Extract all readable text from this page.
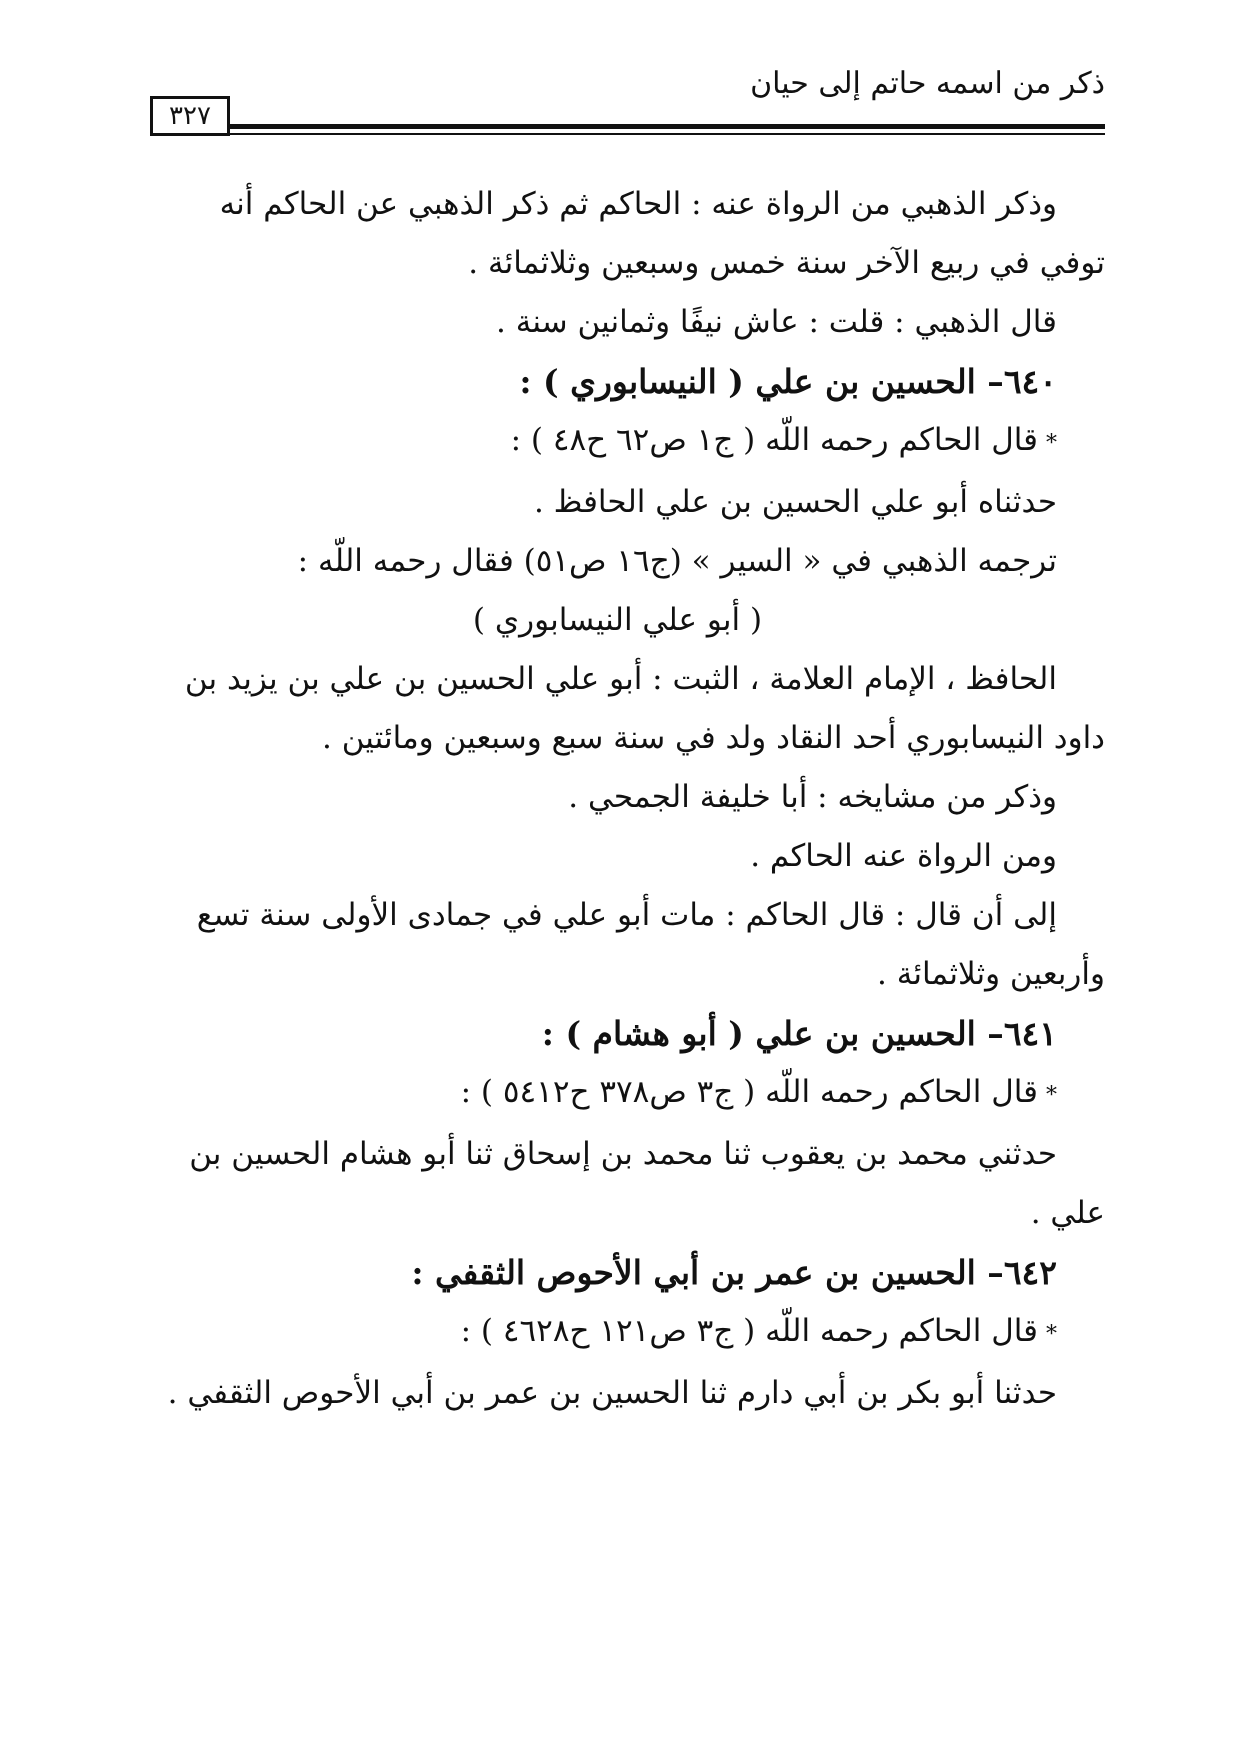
ذكر من اسمه حاتم إلى حيان
٣٢٧

وذكر الذهبي من الرواة عنه : الحاكم ثم ذكر الذهبي عن الحاكم أنه

توفي في ربيع الآخر سنة خمس وسبعين وثلاثمائة .

قال الذهبي : قلت : عاش نيفًا وثمانين سنة .

٦٤٠– الحسين بن علي ( النيسابوري ) :

*قال الحاكم رحمه اللّه ( ج١ ص٦٢ ح٤٨ ) :

حدثناه أبو علي الحسين بن علي الحافظ .

ترجمه الذهبي في « السير » (ج١٦ ص٥١) فقال رحمه اللّه :

( أبو علي النيسابوري )

الحافظ ، الإمام العلامة ، الثبت : أبو علي الحسين بن علي بن يزيد بن

داود النيسابوري أحد النقاد ولد في سنة سبع وسبعين ومائتين .

وذكر من مشايخه : أبا خليفة الجمحي .

ومن الرواة عنه الحاكم .

إلى أن قال : قال الحاكم : مات أبو علي في جمادى الأولى سنة تسع

وأربعين وثلاثمائة .

٦٤١– الحسين بن علي ( أبو هشام ) :

*قال الحاكم رحمه اللّه ( ج٣ ص٣٧٨ ح٥٤١٢ ) :

حدثني محمد بن يعقوب ثنا محمد بن إسحاق ثنا أبو هشام الحسين بن

علي .

٦٤٢– الحسين بن عمر بن أبي الأحوص الثقفي :

*قال الحاكم رحمه اللّه ( ج٣ ص١٢١ ح٤٦٢٨ ) :

حدثنا أبو بكر بن أبي دارم ثنا الحسين بن عمر بن أبي الأحوص الثقفي .
